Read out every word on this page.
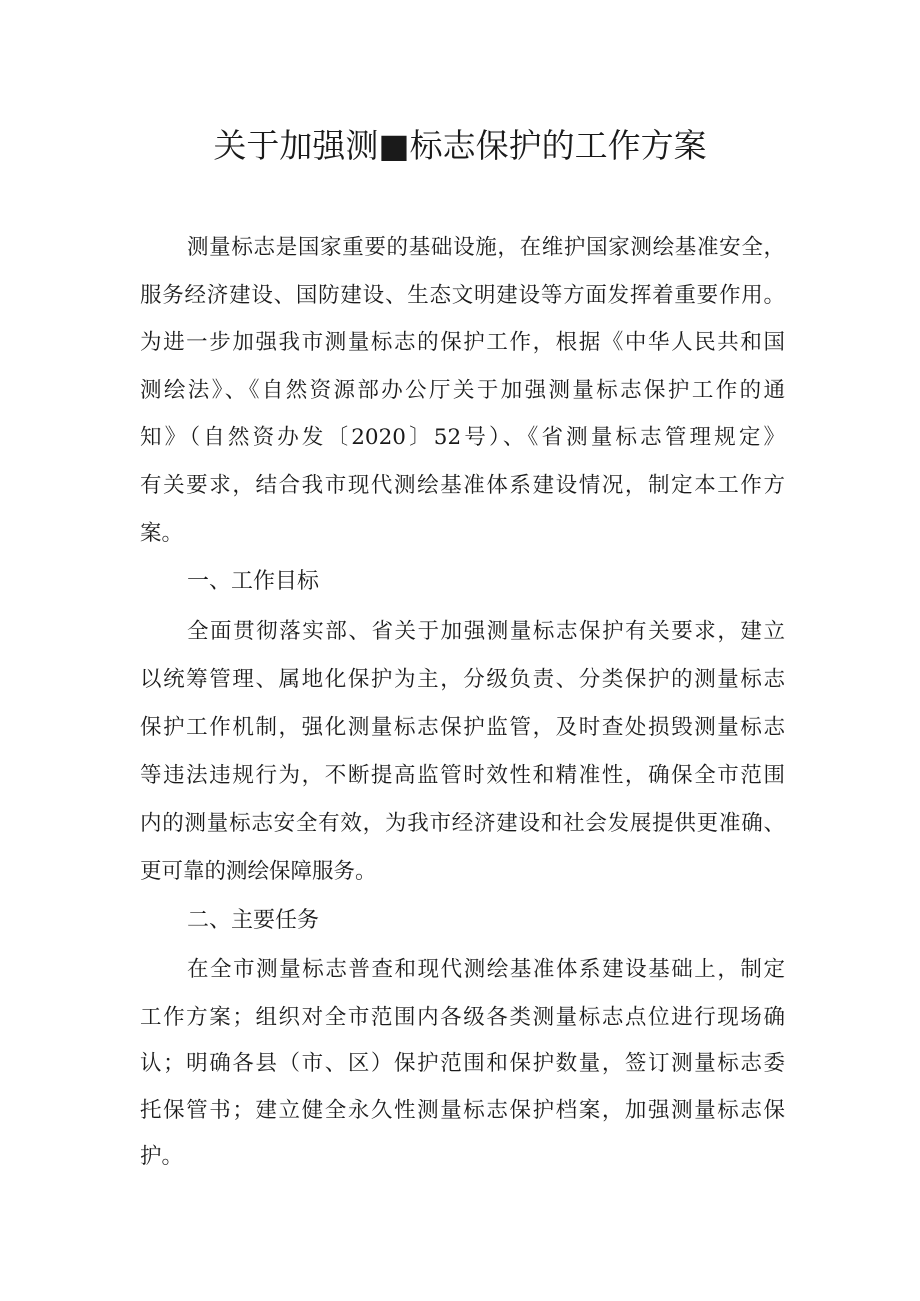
关于加强测■标志保护的工作方案
测量标志是国家重要的基础设施，在维护国家测绘基准安全，
服务经济建设、国防建设、生态文明建设等方面发挥着重要作用。
为进一步加强我市测量标志的保护工作，根据《中华人民共和国
测绘法》、《自然资源部办公厅关于加强测量标志保护工作的通
知》（自然资办发〔2020〕52号）、《省测量标志管理规定》
有关要求，结合我市现代测绘基准体系建设情况，制定本工作方
案。
一、工作目标
全面贯彻落实部、省关于加强测量标志保护有关要求，建立
以统筹管理、属地化保护为主，分级负责、分类保护的测量标志
保护工作机制，强化测量标志保护监管，及时查处损毁测量标志
等违法违规行为，不断提高监管时效性和精准性，确保全市范围
内的测量标志安全有效，为我市经济建设和社会发展提供更准确、
更可靠的测绘保障服务。
二、主要任务
在全市测量标志普查和现代测绘基准体系建设基础上，制定
工作方案；组织对全市范围内各级各类测量标志点位进行现场确
认；明确各县（市、区）保护范围和保护数量，签订测量标志委
托保管书；建立健全永久性测量标志保护档案，加强测量标志保
护。
